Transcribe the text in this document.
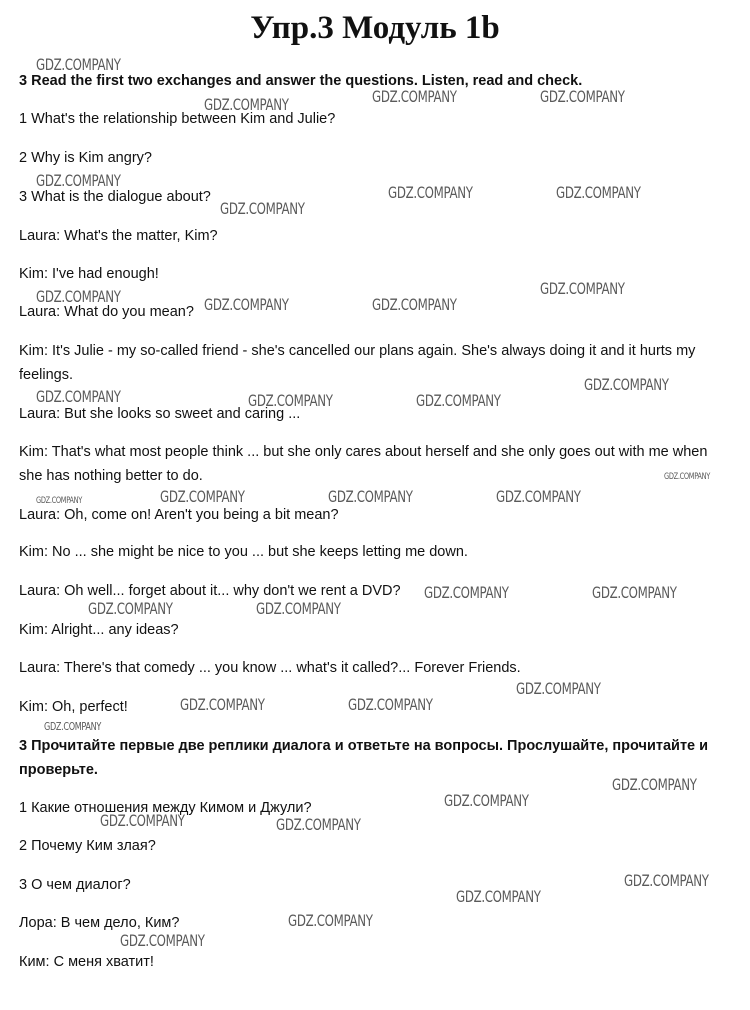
Упр.3 Модуль 1b
3 Read the first two exchanges and answer the questions. Listen, read and check.
1 What's the relationship between Kim and Julie?
2 Why is Kim angry?
3 What is the dialogue about?
Laura: What's the matter, Kim?
Kim: I've had enough!
Laura: What do you mean?
Kim: It's Julie - my so-called friend - she's cancelled our plans again. She's always doing it and it hurts my feelings.
Laura: But she looks so sweet and caring ...
Kim: That's what most people think ... but she only cares about herself and she only goes out with me when she has nothing better to do.
Laura: Oh, come on! Aren't you being a bit mean?
Kim: No ... she might be nice to you ... but she keeps letting me down.
Laura: Oh well... forget about it... why don't we rent a DVD?
Kim: Alright... any ideas?
Laura: There's that comedy ... you know ... what's it called?... Forever Friends.
Kim: Oh, perfect!
3 Прочитайте первые две реплики диалога и ответьте на вопросы. Прослушайте, прочитайте и проверьте.
1 Какие отношения между Кимом и Джули?
2 Почему Ким злая?
3 О чем диалог?
Лора: В чем дело, Ким?
Ким: С меня хватит!
GDZ.COMPANY
GDZ.COMPANY	GDZ.COMPANY	GDZ.COMPANY
GDZ.COMPANY
GDZ.COMPANY
GDZ.COMPANY	GDZ.COMPANY
GDZ.COMPANY	GDZ.COMPANY	GDZ.COMPANY
GDZ.COMPANY
GDZ.COMPANY	GDZ.COMPANY	GDZ.COMPANY
GDZ.COMPANY
GDZ.COMPANY
GDZ.COMPANY	GDZ.COMPANY	GDZ.COMPANY	GDZ.COMPANY
GDZ.COMPANY	GDZ.COMPANY
GDZ.COMPANY	GDZ.COMPANY
GDZ.COMPANY
GDZ.COMPANY	GDZ.COMPANY
GDZ.COMPANY
GDZ.COMPANY
GDZ.COMPANY
GDZ.COMPANY	GDZ.COMPANY
GDZ.COMPANY
GDZ.COMPANY
GDZ.COMPANY
GDZ.COMPANY
